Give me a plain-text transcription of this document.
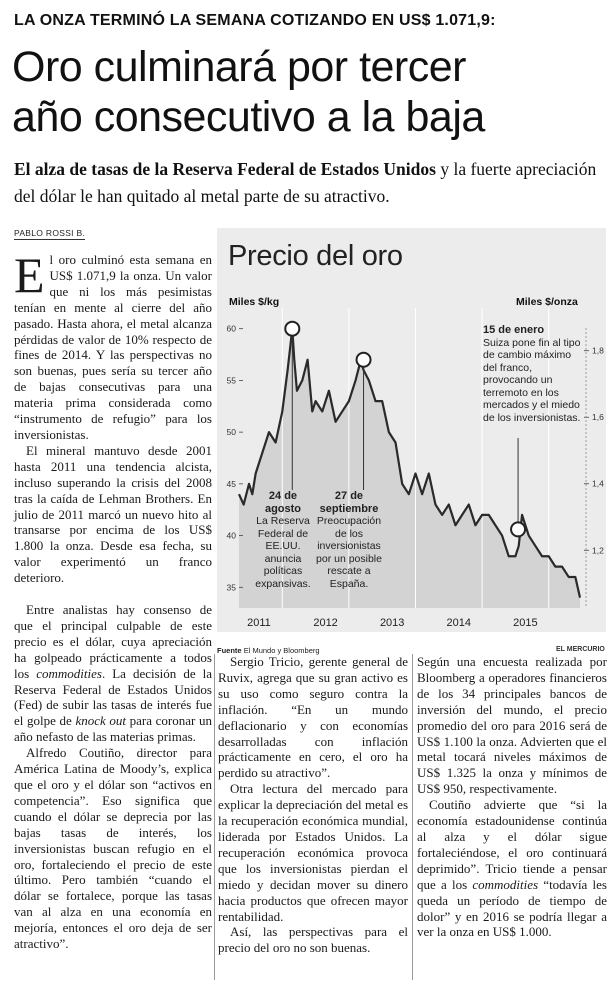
LA ONZA TERMINÓ LA SEMANA COTIZANDO EN US$ 1.071,9:
Oro culminará por tercer
año consecutivo a la baja
El alza de tasas de la Reserva Federal de Estados Unidos y la fuerte apreciación del dólar le han quitado al metal parte de su atractivo.
PABLO ROSSI B.

El oro culminó esta semana en US$ 1.071,9 la onza. Un valor que ni los más pesimistas tenían en mente al cierre del año pasado. Hasta ahora, el metal alcanza pérdidas de valor de 10% respecto de fines de 2014. Y las perspectivas no son buenas, pues sería su tercer año de bajas consecutivas para una materia prima considerada como “instrumento de refugio” para los inversionistas.

El mineral mantuvo desde 2001 hasta 2011 una tendencia alcista, incluso superando la crisis del 2008 tras la caída de Lehman Brothers. En julio de 2011 marcó un nuevo hito al transarse por encima de los US$ 1.800 la onza. Desde esa fecha, su valor experimentó un franco deterioro.

Entre analistas hay consenso de que el principal culpable de este precio es el dólar, cuya apreciación ha golpeado prácticamente a todos los commodities. La decisión de la Reserva Federal de Estados Unidos (Fed) de subir las tasas de interés fue el golpe de knock out para coronar un año nefasto de las materias primas.

Alfredo Coutiño, director para América Latina de Moody’s, explica que el oro y el dólar son “activos en competencia”. Eso significa que cuando el dólar se deprecia por las bajas tasas de interés, los inversionistas buscan refugio en el oro, fortaleciendo el precio de este último. Pero también “cuando el dólar se fortalece, porque las tasas van al alza en una economía en mejoría, entonces el oro deja de ser atractivo”.

Sergio Tricio, gerente general de Ruvix, agrega que su gran activo es su uso como seguro contra la inflación. “En un mundo deflacionario y con economías desarrolladas con inflación prácticamente en cero, el oro ha perdido su atractivo”.

Otra lectura del mercado para explicar la depreciación del metal es la recuperación económica mundial, liderada por Estados Unidos. La recuperación económica provoca que los inversionistas pierdan el miedo y decidan mover su dinero hacia productos que ofrecen mayor rentabilidad.

Así, las perspectivas para el precio del oro no son buenas.

Según una encuesta realizada por Bloomberg a operadores financieros de los 34 principales bancos de inversión del mundo, el precio promedio del oro para 2016 será de US$ 1.100 la onza. Advierten que el metal tocará niveles máximos de US$ 1.325 la onza y mínimos de US$ 950, respectivamente.

Coutiño advierte que “si la economía estadounidense continúa al alza y el dólar sigue fortaleciéndose, el oro continuará deprimido”. Tricio tiende a pensar que a los commodities “todavía les queda un período de tiempo de dolor” y en 2016 se podría llegar a ver la onza en US$ 1.000.

Precio del oro
Miles $/kg	Miles $/onza
35
40
45
50
55
60
1,2
1,4
1,6
1,8
2011	2012	2013	2014	2015
24 de agosto
La Reserva Federal de EE.UU. anuncia políticas expansivas.
27 de septiembre
Preocupación de los inversionistas por un posible rescate a España.
15 de enero
Suiza pone fin al tipo de cambio máximo del franco, provocando un terremoto en los mercados y el miedo de los inversionistas.
Fuente El Mundo y Bloomberg	EL MERCURIO
